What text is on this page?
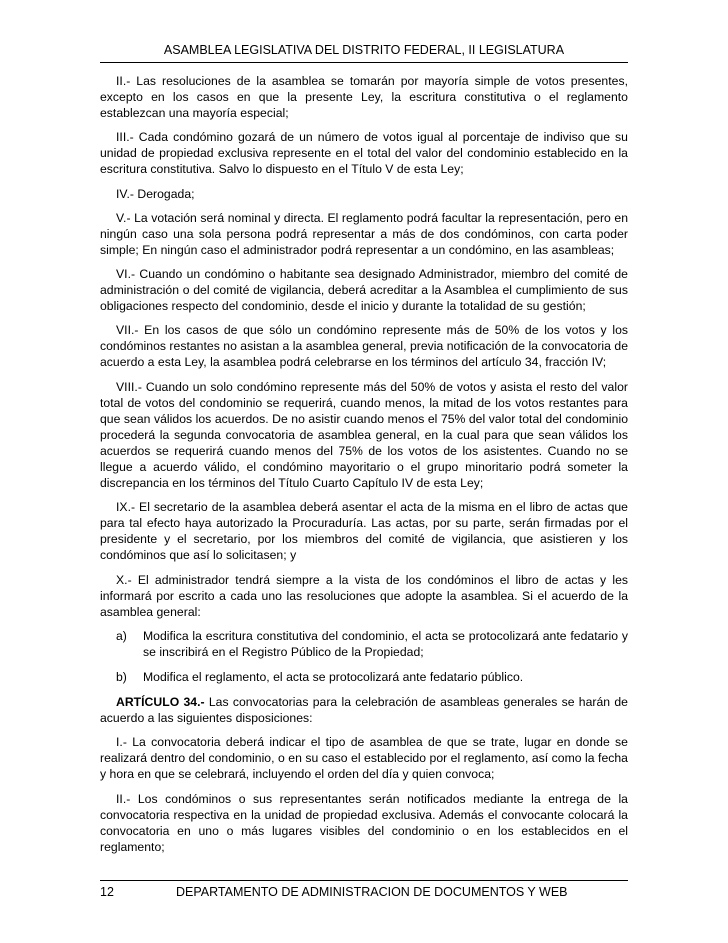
ASAMBLEA LEGISLATIVA DEL DISTRITO FEDERAL, II LEGISLATURA

II.- Las resoluciones de la asamblea se tomarán por mayoría simple de votos presentes, excepto en los casos en que la presente Ley, la escritura constitutiva o el reglamento establezcan una mayoría especial;

III.- Cada condómino gozará de un número de votos igual al porcentaje de indiviso que su unidad de propiedad exclusiva represente en el total del valor del condominio establecido en la escritura constitutiva. Salvo lo dispuesto en el Título V de esta Ley;

IV.- Derogada;

V.- La votación será nominal y directa. El reglamento podrá facultar la representación, pero en ningún caso una sola persona podrá representar a más de dos condóminos, con carta poder simple; En ningún caso el administrador podrá representar a un condómino, en las asambleas;

VI.- Cuando un condómino o habitante sea designado Administrador, miembro del comité de administración o del comité de vigilancia, deberá acreditar a la Asamblea el cumplimiento de sus obligaciones respecto del condominio, desde el inicio y durante la totalidad de su gestión;

VII.- En los casos de que sólo un condómino represente más de 50% de los votos y los condóminos restantes no asistan a la asamblea general, previa notificación de la convocatoria de acuerdo a esta Ley, la asamblea podrá celebrarse en los términos del artículo 34, fracción IV;

VIII.- Cuando un solo condómino represente más del 50% de votos y asista el resto del valor total de votos del condominio se requerirá, cuando menos, la mitad de los votos restantes para que sean válidos los acuerdos. De no asistir cuando menos el 75% del valor total del condominio procederá la segunda convocatoria de asamblea general, en la cual para que sean válidos los acuerdos se requerirá cuando menos del 75% de los votos de los asistentes. Cuando no se llegue a acuerdo válido, el condómino mayoritario o el grupo minoritario podrá someter la discrepancia en los términos del Título Cuarto Capítulo IV de esta Ley;

IX.- El secretario de la asamblea deberá asentar el acta de la misma en el libro de actas que para tal efecto haya autorizado la Procuraduría. Las actas, por su parte, serán firmadas por el presidente y el secretario, por los miembros del comité de vigilancia, que asistieren y los condóminos que así lo solicitasen; y

X.- El administrador tendrá siempre a la vista de los condóminos el libro de actas y les informará por escrito a cada uno las resoluciones que adopte la asamblea. Si el acuerdo de la asamblea general:

a)	Modifica la escritura constitutiva del condominio, el acta se protocolizará ante fedatario y se inscribirá en el Registro Público de la Propiedad;
b)	Modifica el reglamento, el acta se protocolizará ante fedatario público.

ARTÍCULO 34.- Las convocatorias para la celebración de asambleas generales se harán de acuerdo a las siguientes disposiciones:

I.- La convocatoria deberá indicar el tipo de asamblea de que se trate, lugar en donde se realizará dentro del condominio, o en su caso el establecido por el reglamento, así como la fecha y hora en que se celebrará, incluyendo el orden del día y quien convoca;

II.- Los condóminos o sus representantes serán notificados mediante la entrega de la convocatoria respectiva en la unidad de propiedad exclusiva. Además el convocante colocará la convocatoria en uno o más lugares visibles del condominio o en los establecidos en el reglamento;

12	DEPARTAMENTO DE ADMINISTRACION DE DOCUMENTOS Y WEB
